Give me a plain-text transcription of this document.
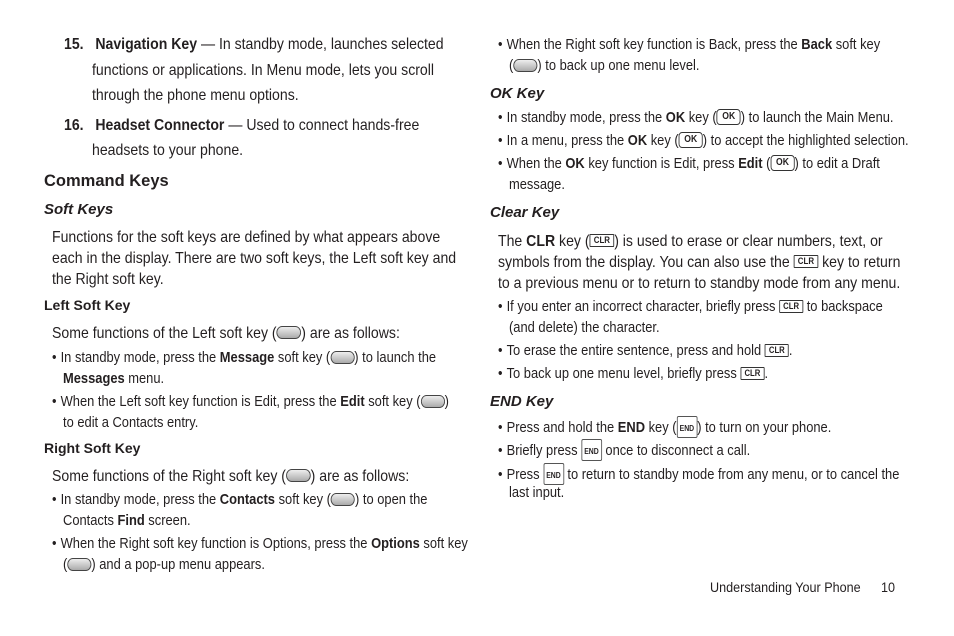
15. Navigation Key — In standby mode, launches selected
functions or applications. In Menu mode, lets you scroll
through the phone menu options.
16. Headset Connector — Used to connect hands-free
headsets to your phone.
Command Keys
Soft Keys
Functions for the soft keys are defined by what appears above
each in the display. There are two soft keys, the Left soft key and
the Right soft key.
Left Soft Key
Some functions of the Left soft key ( ) are as follows:
• In standby mode, press the Message soft key ( ) to launch the
Messages menu.
• When the Left soft key function is Edit, press the Edit soft key ( )
to edit a Contacts entry.
Right Soft Key
Some functions of the Right soft key ( ) are as follows:
• In standby mode, press the Contacts soft key ( ) to open the
Contacts Find screen.
• When the Right soft key function is Options, press the Options soft key
( ) and a pop-up menu appears.
• When the Right soft key function is Back, press the Back soft key
( ) to back up one menu level.
OK Key
• In standby mode, press the OK key ( OK ) to launch the Main Menu.
• In a menu, press the OK key ( OK ) to accept the highlighted selection.
• When the OK key function is Edit, press Edit ( OK ) to edit a Draft
message.
Clear Key
The CLR key ( CLR ) is used to erase or clear numbers, text, or
symbols from the display. You can also use the CLR key to return
to a previous menu or to return to standby mode from any menu.
• If you enter an incorrect character, briefly press CLR to backspace
(and delete) the character.
• To erase the entire sentence, press and hold CLR .
• To back up one menu level, briefly press CLR .
END Key
• Press and hold the END key ( END ) to turn on your phone.
• Briefly press END once to disconnect a call.
• Press END to return to standby mode from any menu, or to cancel the
last input.
Understanding Your Phone 10
